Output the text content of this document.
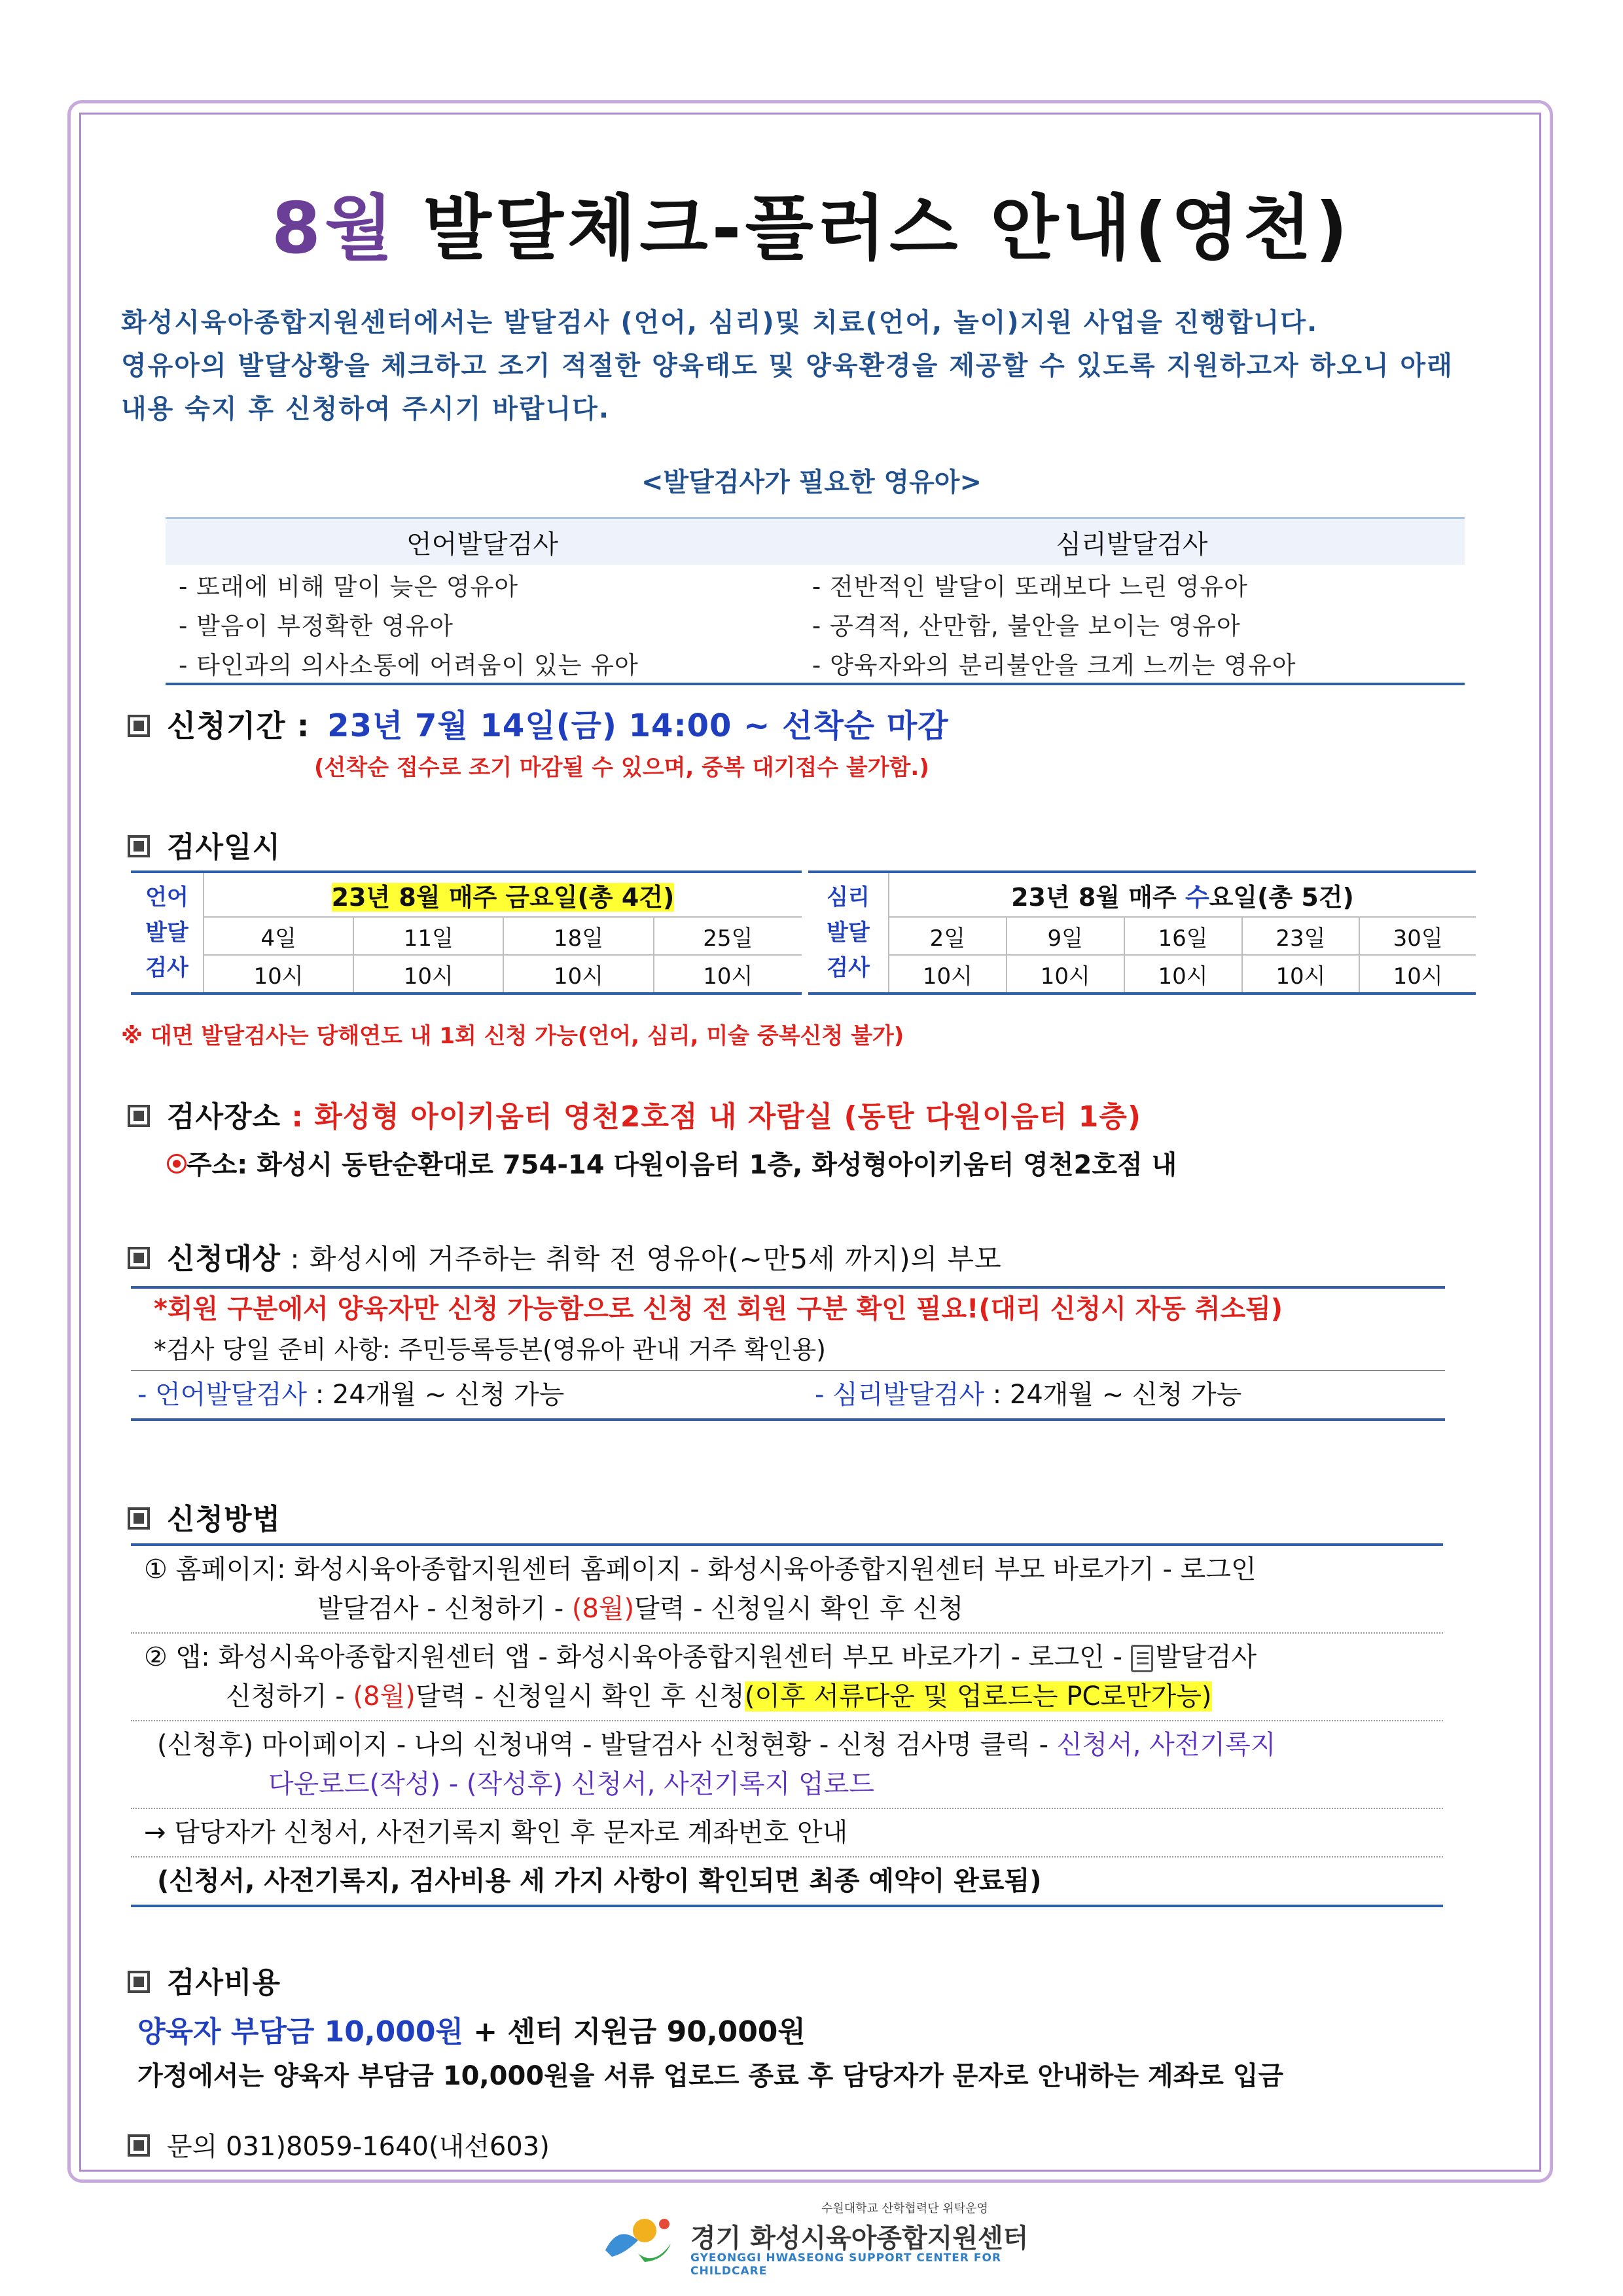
8월 발달체크-플러스 안내(영천)

화성시육아종합지원센터에서는 발달검사 (언어, 심리)및 치료(언어, 놀이)지원 사업을 진행합니다.

영유아의 발달상황을 체크하고 조기 적절한 양육태도 및 양육환경을 제공할 수 있도록 지원하고자 하오니 아래

내용 숙지 후 신청하여 주시기 바랍니다.

<발달검사가 필요한 영유아>
언어발달검사	심리발달검사
- 또래에 비해 말이 늦은 영유아	- 전반적인 발달이 또래보다 느린 영유아
- 발음이 부정확한 영유아	- 공격적, 산만함, 불안을 보이는 영유아
- 타인과의 의사소통에 어려움이 있는 유아	- 양육자와의 분리불안을 크게 느끼는 영유아
신청기간 : 23년 7월 14일(금) 14:00 ~ 선착순 마감
(선착순 접수로 조기 마감될 수 있으며, 중복 대기접수 불가함.)
검사일시
언어
발달
검사	23년 8월 매주 금요일(총 4건)			
	4일	11일	18일	25일
	10시	10시	10시	10시
심리
발달
검사	23년 8월 매주 수요일(총 5건)				
	2일	9일	16일	23일	30일
	10시	10시	10시	10시	10시
※ 대면 발달검사는 당해연도 내 1회 신청 가능(언어, 심리, 미술 중복신청 불가)
검사장소 : 화성형 아이키움터 영천2호점 내 자람실 (동탄 다원이음터 1층)
주소: 화성시 동탄순환대로 754-14 다원이음터 1층, 화성형아이키움터 영천2호점 내
신청대상 : 화성시에 거주하는 취학 전 영유아(~만5세 까지)의 부모
*회원 구분에서 양육자만 신청 가능함으로 신청 전 회원 구분 확인 필요!(대리 신청시 자동 취소됨)
*검사 당일 준비 사항: 주민등록등본(영유아 관내 거주 확인용)
- 언어발달검사 : 24개월 ~ 신청 가능	- 심리발달검사 : 24개월 ~ 신청 가능
신청방법
① 홈페이지: 화성시육아종합지원센터 홈페이지 - 화성시육아종합지원센터 부모 바로가기 - 로그인
발달검사 - 신청하기 - (8월)달력 - 신청일시 확인 후 신청
② 앱: 화성시육아종합지원센터 앱 - 화성시육아종합지원센터 부모 바로가기 - 로그인 -
발달검사
신청하기 - (8월)달력 - 신청일시 확인 후 신청(이후 서류다운 및 업로드는 PC로만가능)
(신청후) 마이페이지 - 나의 신청내역 - 발달검사 신청현황 - 신청 검사명 클릭 - 신청서, 사전기록지
다운로드(작성) - (작성후) 신청서, 사전기록지 업로드
→ 담당자가 신청서, 사전기록지 확인 후 문자로 계좌번호 안내
(신청서, 사전기록지, 검사비용 세 가지 사항이 확인되면 최종 예약이 완료됨)
검사비용
양육자 부담금 10,000원 + 센터 지원금 90,000원
가정에서는 양육자 부담금 10,000원을 서류 업로드 종료 후 담당자가 문자로 안내하는 계좌로 입금
문의 031)8059-1640(내선603)
수원대학교 산학협력단 위탁운영
경기 화성시육아종합지원센터
GYEONGGI HWASEONG SUPPORT CENTER FOR CHILDCARE
